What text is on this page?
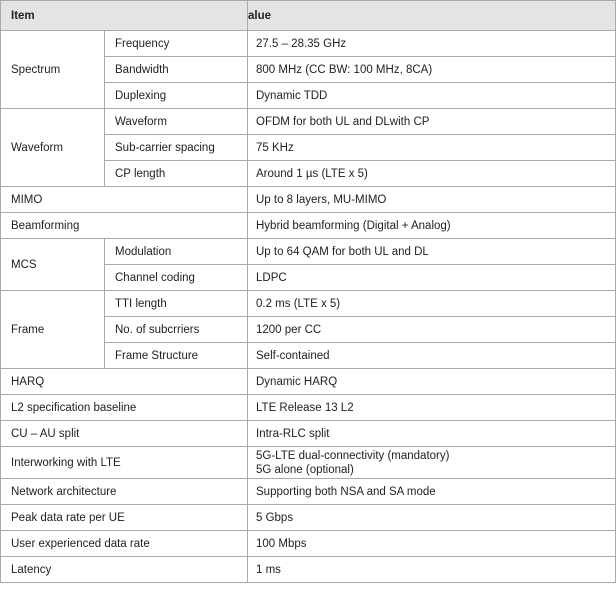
Item		alue
Spectrum	Frequency	27.5 – 28.35 GHz
	Bandwidth	800 MHz (CC BW: 100 MHz, 8CA)
	Duplexing	Dynamic TDD
Waveform	Waveform	OFDM for both UL and DLwith CP
	Sub-carrier spacing	75 KHz
	CP length	Around 1 µs (LTE x 5)
MIMO		Up to 8 layers, MU-MIMO
Beamforming		Hybrid beamforming (Digital + Analog)
MCS	Modulation	Up to 64 QAM for both UL and DL
	Channel coding	LDPC
Frame	TTI length	0.2 ms (LTE x 5)
	No. of subcrriers	1200 per CC
	Frame Structure	Self-contained
HARQ		Dynamic HARQ
L2 specification baseline		LTE Release 13 L2
CU – AU split		Intra-RLC split
Interworking with LTE		5G-LTE dual-connectivity (mandatory)
5G alone (optional)

Network architecture		Supporting both NSA and SA mode
Peak data rate per UE		5 Gbps
User experienced data rate		100 Mbps
Latency		1 ms
